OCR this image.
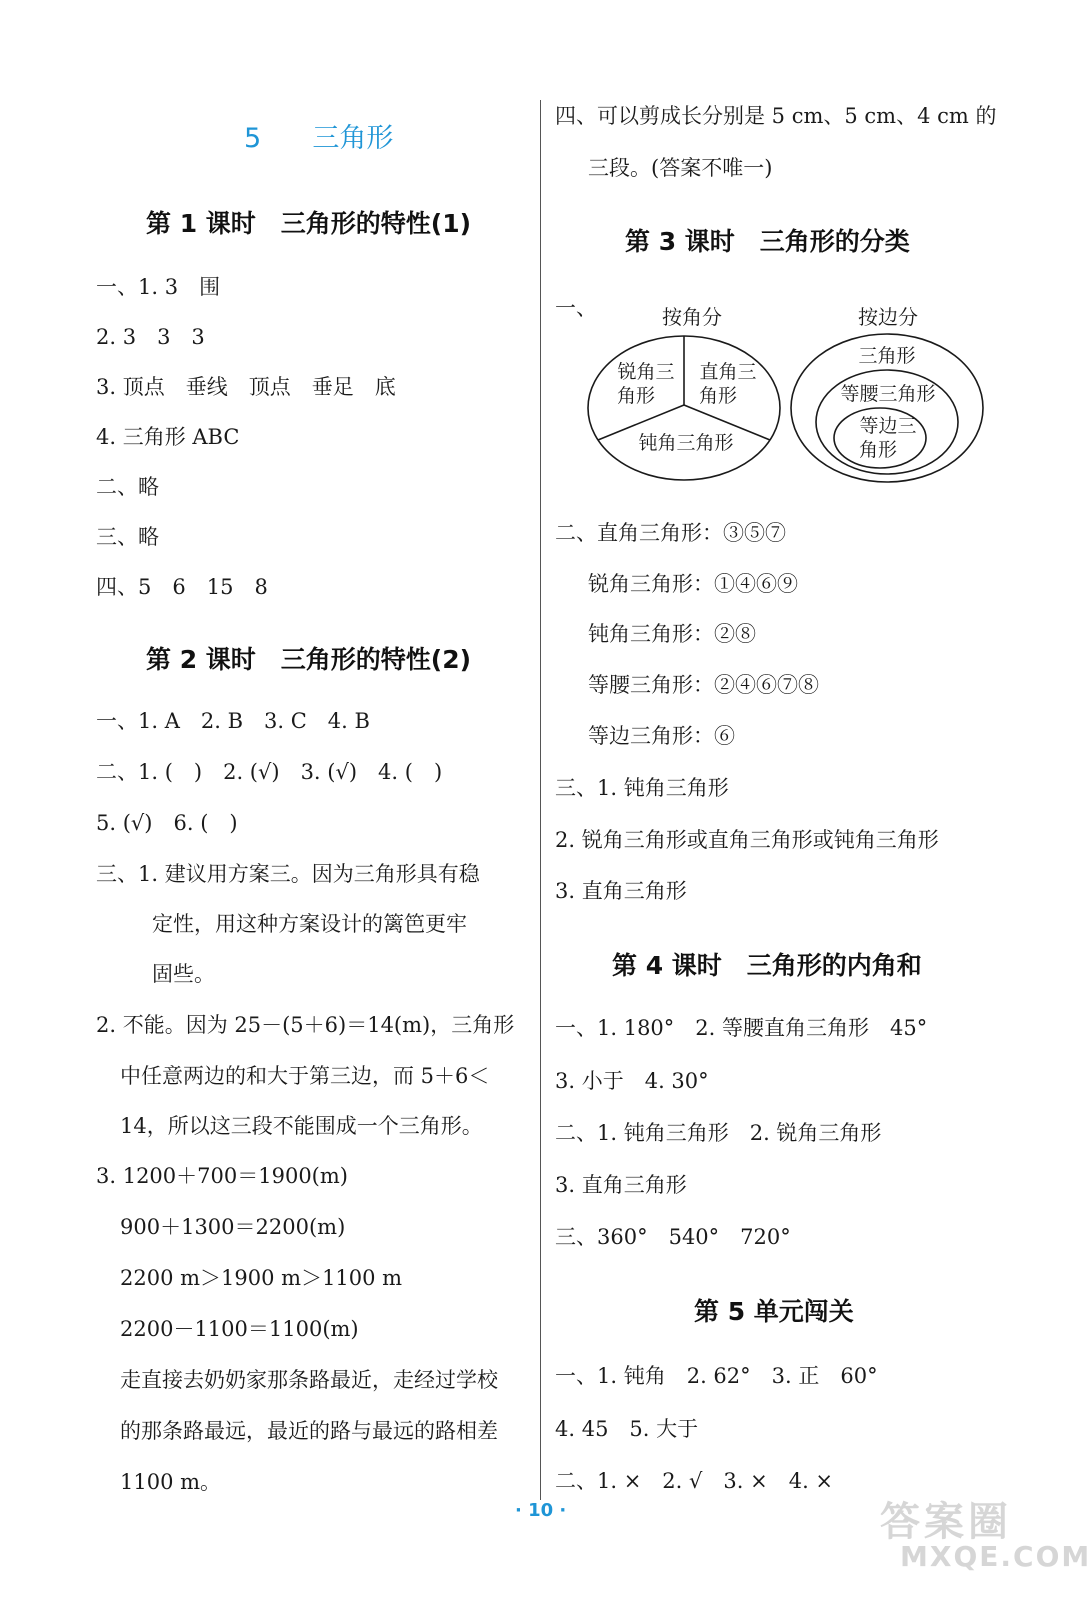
5 三角形
第 1 课时　三角形的特性(1)
一、1. 3　围
2. 3　3　3
3. 顶点　垂线　顶点　垂足　底
4. 三角形 ABC
二、略
三、略
四、5　6　15　8
第 2 课时　三角形的特性(2)
一、1. A　2. B　3. C　4. B
二、1. (　)　2. (√)　3. (√)　4. (　)
5. (√)　6. (　)
三、1. 建议用方案三。因为三角形具有稳
定性，用这种方案设计的篱笆更牢
固些。
2. 不能。因为 25－(5＋6)＝14(m)，三角形
中任意两边的和大于第三边，而 5＋6＜
14，所以这三段不能围成一个三角形。
3. 1200＋700＝1900(m)
900＋1300＝2200(m)
2200 m＞1900 m＞1100 m
2200－1100＝1100(m)
走直接去奶奶家那条路最近，走经过学校
的那条路最远，最近的路与最远的路相差
1100 m。
四、可以剪成长分别是 5 cm、5 cm、4 cm 的
三段。(答案不唯一)
第 3 课时　三角形的分类
一、	按角分
锐角三
角形
直角三
角形
钝角三角形
按边分
三角形
等腰三角形
等边三
角形
二、直角三角形：③⑤⑦
锐角三角形：①④⑥⑨
钝角三角形：②⑧
等腰三角形：②④⑥⑦⑧
等边三角形：⑥
三、1. 钝角三角形
2. 锐角三角形或直角三角形或钝角三角形
3. 直角三角形
第 4 课时　三角形的内角和
一、1. 180°　2. 等腰直角三角形　45°
3. 小于　4. 30°
二、1. 钝角三角形　2. 锐角三角形
3. 直角三角形
三、360°　540°　720°
第 5 单元闯关
一、1. 钝角　2. 62°　3. 正　60°
4. 45　5. 大于
二、1. ×　2. √　3. ×　4. ×
· 10 ·	答案圈
MXQE.COM
